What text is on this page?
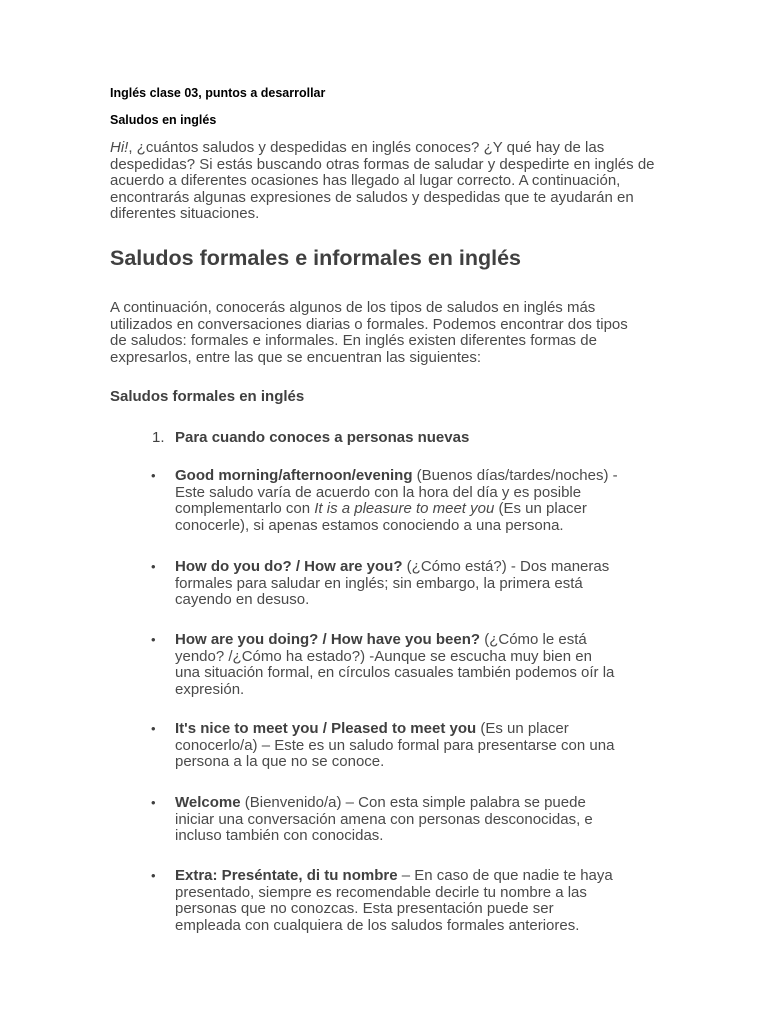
Inglés clase 03, puntos a desarrollar
Saludos en inglés

Hi!, ¿cuántos saludos y despedidas en inglés conoces? ¿Y qué hay de las despedidas? Si estás buscando otras formas de saludar y despedirte en inglés de acuerdo a diferentes ocasiones has llegado al lugar correcto. A continuación, encontrarás algunas expresiones de saludos y despedidas que te ayudarán en diferentes situaciones.

Saludos formales e informales en inglés

A continuación, conocerás algunos de los tipos de saludos en inglés más utilizados en conversaciones diarias o formales. Podemos encontrar dos tipos de saludos: formales e informales. En inglés existen diferentes formas de expresarlos, entre las que se encuentran las siguientes:

Saludos formales en inglés
1. Para cuando conoces a personas nuevas
• Good morning/afternoon/evening (Buenos días/tardes/noches) - Este saludo varía de acuerdo con la hora del día y es posible complementarlo con It is a pleasure to meet you (Es un placer conocerle), si apenas estamos conociendo a una persona.
• How do you do? / How are you? (¿Cómo está?) - Dos maneras formales para saludar en inglés; sin embargo, la primera está cayendo en desuso.
• How are you doing? / How have you been? (¿Cómo le está yendo? /¿Cómo ha estado?) -Aunque se escucha muy bien en una situación formal, en círculos casuales también podemos oír la expresión.
• It's nice to meet you / Pleased to meet you (Es un placer conocerlo/a) – Este es un saludo formal para presentarse con una persona a la que no se conoce.
• Welcome (Bienvenido/a) – Con esta simple palabra se puede iniciar una conversación amena con personas desconocidas, e incluso también con conocidas.
• Extra: Preséntate, di tu nombre – En caso de que nadie te haya presentado, siempre es recomendable decirle tu nombre a las personas que no conozcas. Esta presentación puede ser empleada con cualquiera de los saludos formales anteriores.
